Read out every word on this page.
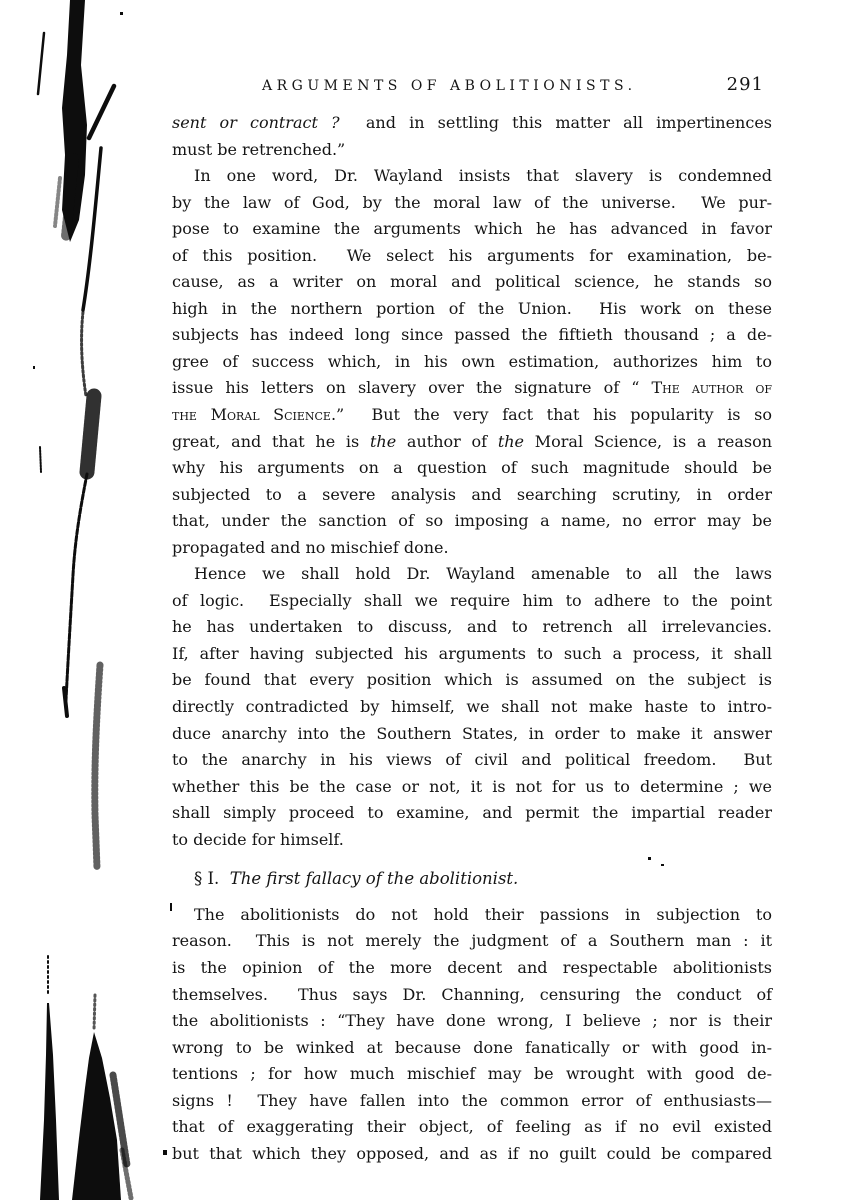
ARGUMENTS OF ABOLITIONISTS.	291
sent or contract ?  and in settling this matter all impertinences
must be retrenched.”
In one word, Dr. Wayland insists that slavery is condemned
by the law of God, by the moral law of the universe.  We pur-
pose to examine the arguments which he has advanced in favor
of this position.  We select his arguments for examination, be-
cause, as a writer on moral and political science, he stands so
high in the northern portion of the Union.  His work on these
subjects has indeed long since passed the fiftieth thousand ; a de-
gree of success which, in his own estimation, authorizes him to
issue his letters on slavery over the signature of “ The author of
the Moral Science.”  But the very fact that his popularity is so
great, and that he is the author of the Moral Science, is a reason
why his arguments on a question of such magnitude should be
subjected to a severe analysis and searching scrutiny, in order
that, under the sanction of so imposing a name, no error may be
propagated and no mischief done.
Hence we shall hold Dr. Wayland amenable to all the laws
of logic.  Especially shall we require him to adhere to the point
he has undertaken to discuss, and to retrench all irrelevancies.
If, after having subjected his arguments to such a process, it shall
be found that every position which is assumed on the subject is
directly contradicted by himself, we shall not make haste to intro-
duce anarchy into the Southern States, in order to make it answer
to the anarchy in his views of civil and political freedom.  But
whether this be the case or not, it is not for us to determine ; we
shall simply proceed to examine, and permit the impartial reader
to decide for himself.
§ I.  The first fallacy of the abolitionist.
The abolitionists do not hold their passions in subjection to
reason.  This is not merely the judgment of a Southern man : it
is the opinion of the more decent and respectable abolitionists
themselves.  Thus says Dr. Channing, censuring the conduct of
the abolitionists : “They have done wrong, I believe ; nor is their
wrong to be winked at because done fanatically or with good in-
tentions ; for how much mischief may be wrought with good de-
signs !  They have fallen into the common error of enthusiasts—
that of exaggerating their object, of feeling as if no evil existed
but that which they opposed, and as if no guilt could be compared
